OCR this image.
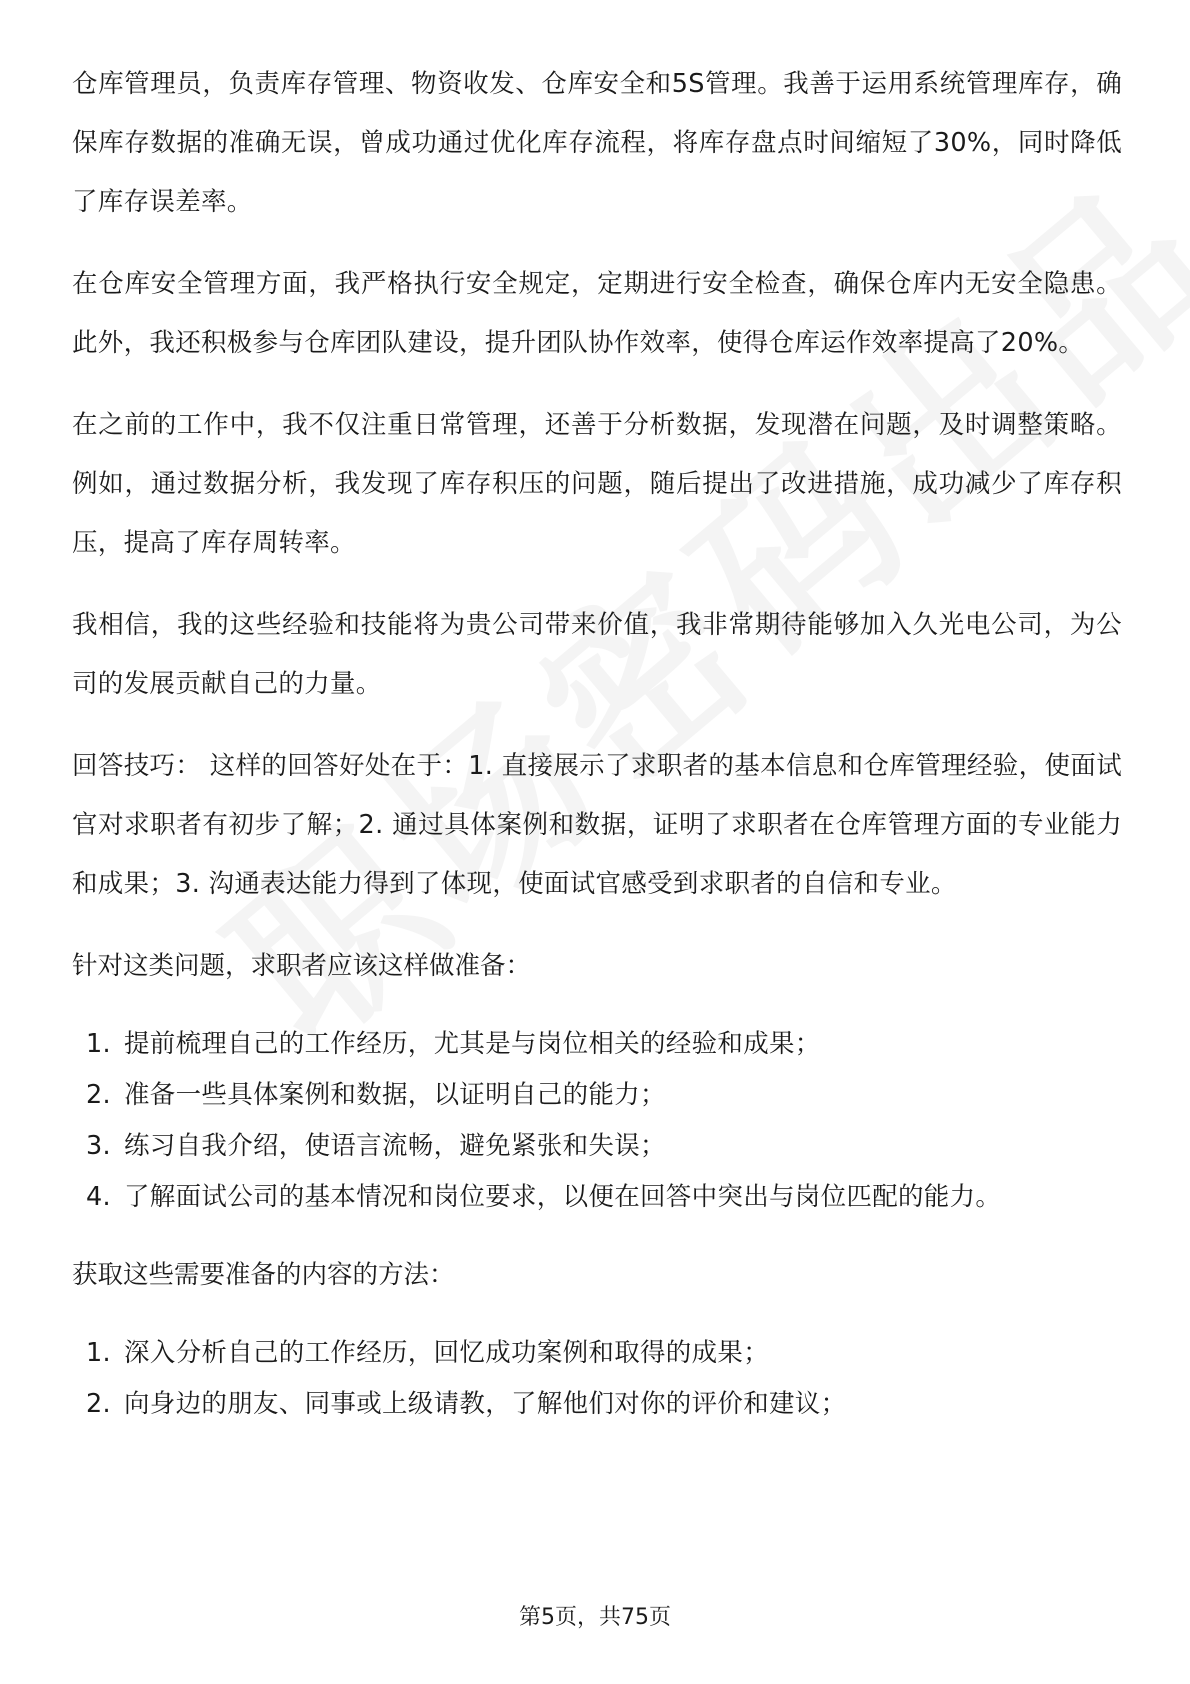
仓库管理员，负责库存管理、物资收发、仓库安全和5S管理。我善于运用系统管理库存，确保库存数据的准确无误，曾成功通过优化库存流程，将库存盘点时间缩短了30%，同时降低了库存误差率。

在仓库安全管理方面，我严格执行安全规定，定期进行安全检查，确保仓库内无安全隐患。此外，我还积极参与仓库团队建设，提升团队协作效率，使得仓库运作效率提高了20%。

在之前的工作中，我不仅注重日常管理，还善于分析数据，发现潜在问题，及时调整策略。例如，通过数据分析，我发现了库存积压的问题，随后提出了改进措施，成功减少了库存积压，提高了库存周转率。

我相信，我的这些经验和技能将为贵公司带来价值，我非常期待能够加入久光电公司，为公司的发展贡献自己的力量。

回答技巧： 这样的回答好处在于：1. 直接展示了求职者的基本信息和仓库管理经验，使面试官对求职者有初步了解；2. 通过具体案例和数据，证明了求职者在仓库管理方面的专业能力和成果；3. 沟通表达能力得到了体现，使面试官感受到求职者的自信和专业。

针对这类问题，求职者应该这样做准备：

1. 提前梳理自己的工作经历，尤其是与岗位相关的经验和成果；
2. 准备一些具体案例和数据，以证明自己的能力；
3. 练习自我介绍，使语言流畅，避免紧张和失误；
4. 了解面试公司的基本情况和岗位要求，以便在回答中突出与岗位匹配的能力。

获取这些需要准备的内容的方法：

1. 深入分析自己的工作经历，回忆成功案例和取得的成果；
2. 向身边的朋友、同事或上级请教，了解他们对你的评价和建议；
第5页，共75页
